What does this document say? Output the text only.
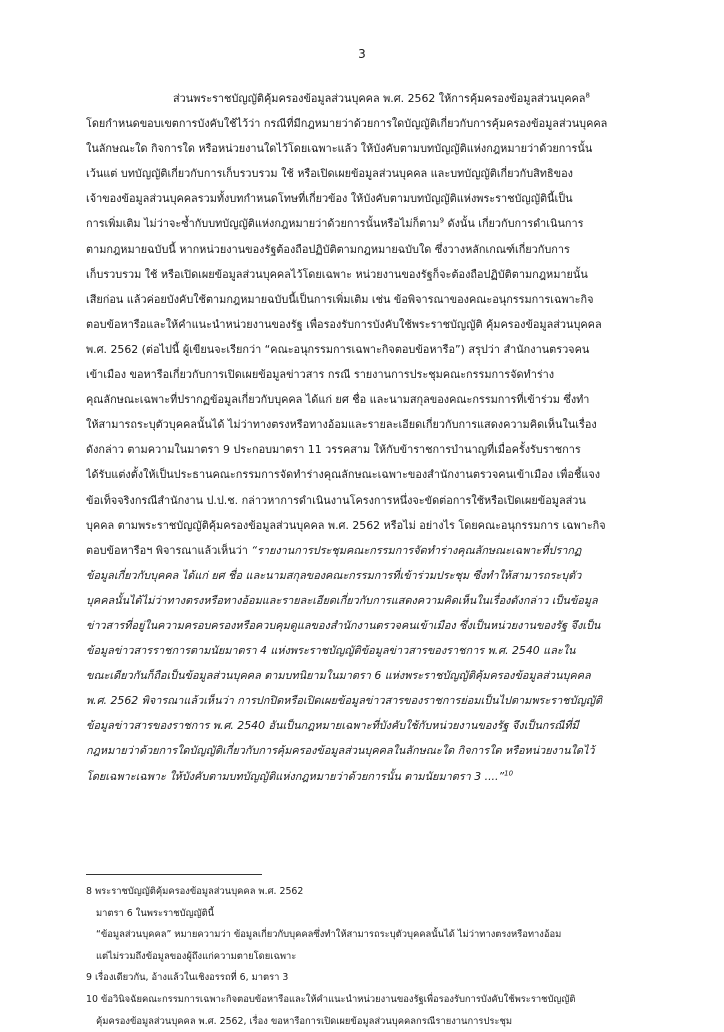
3
ส่วนพระราชบัญญัติคุ้มครองข้อมูลส่วนบุคคล พ.ศ. 2562 ให้การคุ้มครองข้อมูลส่วนบุคคล$^8$
โดยกำหนดขอบเขตการบังคับใช้ไว้ว่า กรณีที่มีกฎหมายว่าด้วยการใดบัญญัติเกี่ยวกับการคุ้มครองข้อมูลส่วนบุคคล
ในลักษณะใด กิจการใด หรือหน่วยงานใดไว้โดยเฉพาะแล้ว ให้บังคับตามบทบัญญัติแห่งกฎหมายว่าด้วยการนั้น
เว้นแต่ บทบัญญัติเกี่ยวกับการเก็บรวบรวม ใช้ หรือเปิดเผยข้อมูลส่วนบุคคล และบทบัญญัติเกี่ยวกับสิทธิของ
เจ้าของข้อมูลส่วนบุคคลรวมทั้งบทกำหนดโทษที่เกี่ยวข้อง ให้บังคับตามบทบัญญัติแห่งพระราชบัญญัตินี้เป็น
การเพิ่มเติม ไม่ว่าจะซ้ำกับบทบัญญัติแห่งกฎหมายว่าด้วยการนั้นหรือไม่ก็ตาม$^9$ ดังนั้น เกี่ยวกับการดำเนินการ
ตามกฎหมายฉบับนี้ หากหน่วยงานของรัฐต้องถือปฏิบัติตามกฎหมายฉบับใด ซึ่งวางหลักเกณฑ์เกี่ยวกับการ
เก็บรวบรวม ใช้ หรือเปิดเผยข้อมูลส่วนบุคคลไว้โดยเฉพาะ หน่วยงานของรัฐก็จะต้องถือปฏิบัติตามกฎหมายนั้น
เสียก่อน แล้วค่อยบังคับใช้ตามกฎหมายฉบับนี้เป็นการเพิ่มเติม เช่น ข้อพิจารณาของคณะอนุกรรมการเฉพาะกิจ
ตอบข้อหารือและให้คำแนะนำหน่วยงานของรัฐ เพื่อรองรับการบังคับใช้พระราชบัญญัติ คุ้มครองข้อมูลส่วนบุคคล
พ.ศ. 2562 (ต่อไปนี้ ผู้เขียนจะเรียกว่า “คณะอนุกรรมการเฉพาะกิจตอบข้อหารือ”) สรุปว่า สำนักงานตรวจคน
เข้าเมือง ขอหารือเกี่ยวกับการเปิดเผยข้อมูลข่าวสาร กรณี รายงานการประชุมคณะกรรมการจัดทำร่าง
คุณลักษณะเฉพาะที่ปรากฏข้อมูลเกี่ยวกับบุคคล ได้แก่ ยศ ชื่อ และนามสกุลของคณะกรรมการที่เข้าร่วม ซึ่งทำ
ให้สามารถระบุตัวบุคคลนั้นได้ ไม่ว่าทางตรงหรือทางอ้อมและรายละเอียดเกี่ยวกับการแสดงความคิดเห็นในเรื่อง
ดังกล่าว ตามความในมาตรา 9 ประกอบมาตรา 11 วรรคสาม ให้กับข้าราชการบำนาญที่เมื่อครั้งรับราชการ
ได้รับแต่งตั้งให้เป็นประธานคณะกรรมการจัดทำร่างคุณลักษณะเฉพาะของสำนักงานตรวจคนเข้าเมือง เพื่อชี้แจง
ข้อเท็จจริงกรณีสำนักงาน ป.ป.ช. กล่าวหาการดำเนินงานโครงการหนึ่งจะขัดต่อการใช้หรือเปิดเผยข้อมูลส่วน
บุคคล ตามพระราชบัญญัติคุ้มครองข้อมูลส่วนบุคคล พ.ศ. 2562 หรือไม่ อย่างไร โดยคณะอนุกรรมการ เฉพาะกิจ
ตอบข้อหารือฯ พิจารณาแล้วเห็นว่า “รายงานการประชุมคณะกรรมการจัดทำร่างคุณลักษณะเฉพาะที่ปรากฏ
ข้อมูลเกี่ยวกับบุคคล ได้แก่ ยศ ชื่อ และนามสกุลของคณะกรรมการที่เข้าร่วมประชุม ซึ่งทำให้สามารถระบุตัว
บุคคลนั้นได้ไม่ว่าทางตรงหรือทางอ้อมและรายละเอียดเกี่ยวกับการแสดงความคิดเห็นในเรื่องดังกล่าว เป็นข้อมูล
ข่าวสารที่อยู่ในความครอบครองหรือควบคุมดูแลของสำนักงานตรวจคนเข้าเมือง ซึ่งเป็นหน่วยงานของรัฐ จึงเป็น
ข้อมูลข่าวสารราชการตามนัยมาตรา 4 แห่งพระราชบัญญัติข้อมูลข่าวสารของราชการ พ.ศ. 2540 และใน
ขณะเดียวกันก็ถือเป็นข้อมูลส่วนบุคคล ตามบทนิยามในมาตรา 6 แห่งพระราชบัญญัติคุ้มครองข้อมูลส่วนบุคคล
พ.ศ. 2562 พิจารณาแล้วเห็นว่า การปกปิดหรือเปิดเผยข้อมูลข่าวสารของราชการย่อมเป็นไปตามพระราชบัญญัติ
ข้อมูลข่าวสารของราชการ พ.ศ. 2540 อันเป็นกฎหมายเฉพาะที่บังคับใช้กับหน่วยงานของรัฐ จึงเป็นกรณีที่มี
กฎหมายว่าด้วยการใดบัญญัติเกี่ยวกับการคุ้มครองข้อมูลส่วนบุคคลในลักษณะใด กิจการใด หรือหน่วยงานใดไว้
โดยเฉพาะเฉพาะ ให้บังคับตามบทบัญญัติแห่งกฎหมายว่าด้วยการนั้น ตามนัยมาตรา 3 ....”$^{10}$
8 พระราชบัญญัติคุ้มครองข้อมูลส่วนบุคคล พ.ศ. 2562
มาตรา 6 ในพระราชบัญญัตินี้
“ข้อมูลส่วนบุคคล” หมายความว่า ข้อมูลเกี่ยวกับบุคคลซึ่งทำให้สามารถระบุตัวบุคคลนั้นได้ ไม่ว่าทางตรงหรือทางอ้อม
แต่ไม่รวมถึงข้อมูลของผู้ถึงแก่ความตายโดยเฉพาะ
9 เรื่องเดียวกัน, อ้างแล้วในเชิงอรรถที่ 6, มาตรา 3
10 ข้อวินิจฉัยคณะกรรมการเฉพาะกิจตอบข้อหารือและให้คำแนะนำหน่วยงานของรัฐเพื่อรองรับการบังคับใช้พระราชบัญญัติ
คุ้มครองข้อมูลส่วนบุคคล พ.ศ. 2562, เรื่อง ขอหารือการเปิดเผยข้อมูลส่วนบุคคลกรณีรายงานการประชุม
